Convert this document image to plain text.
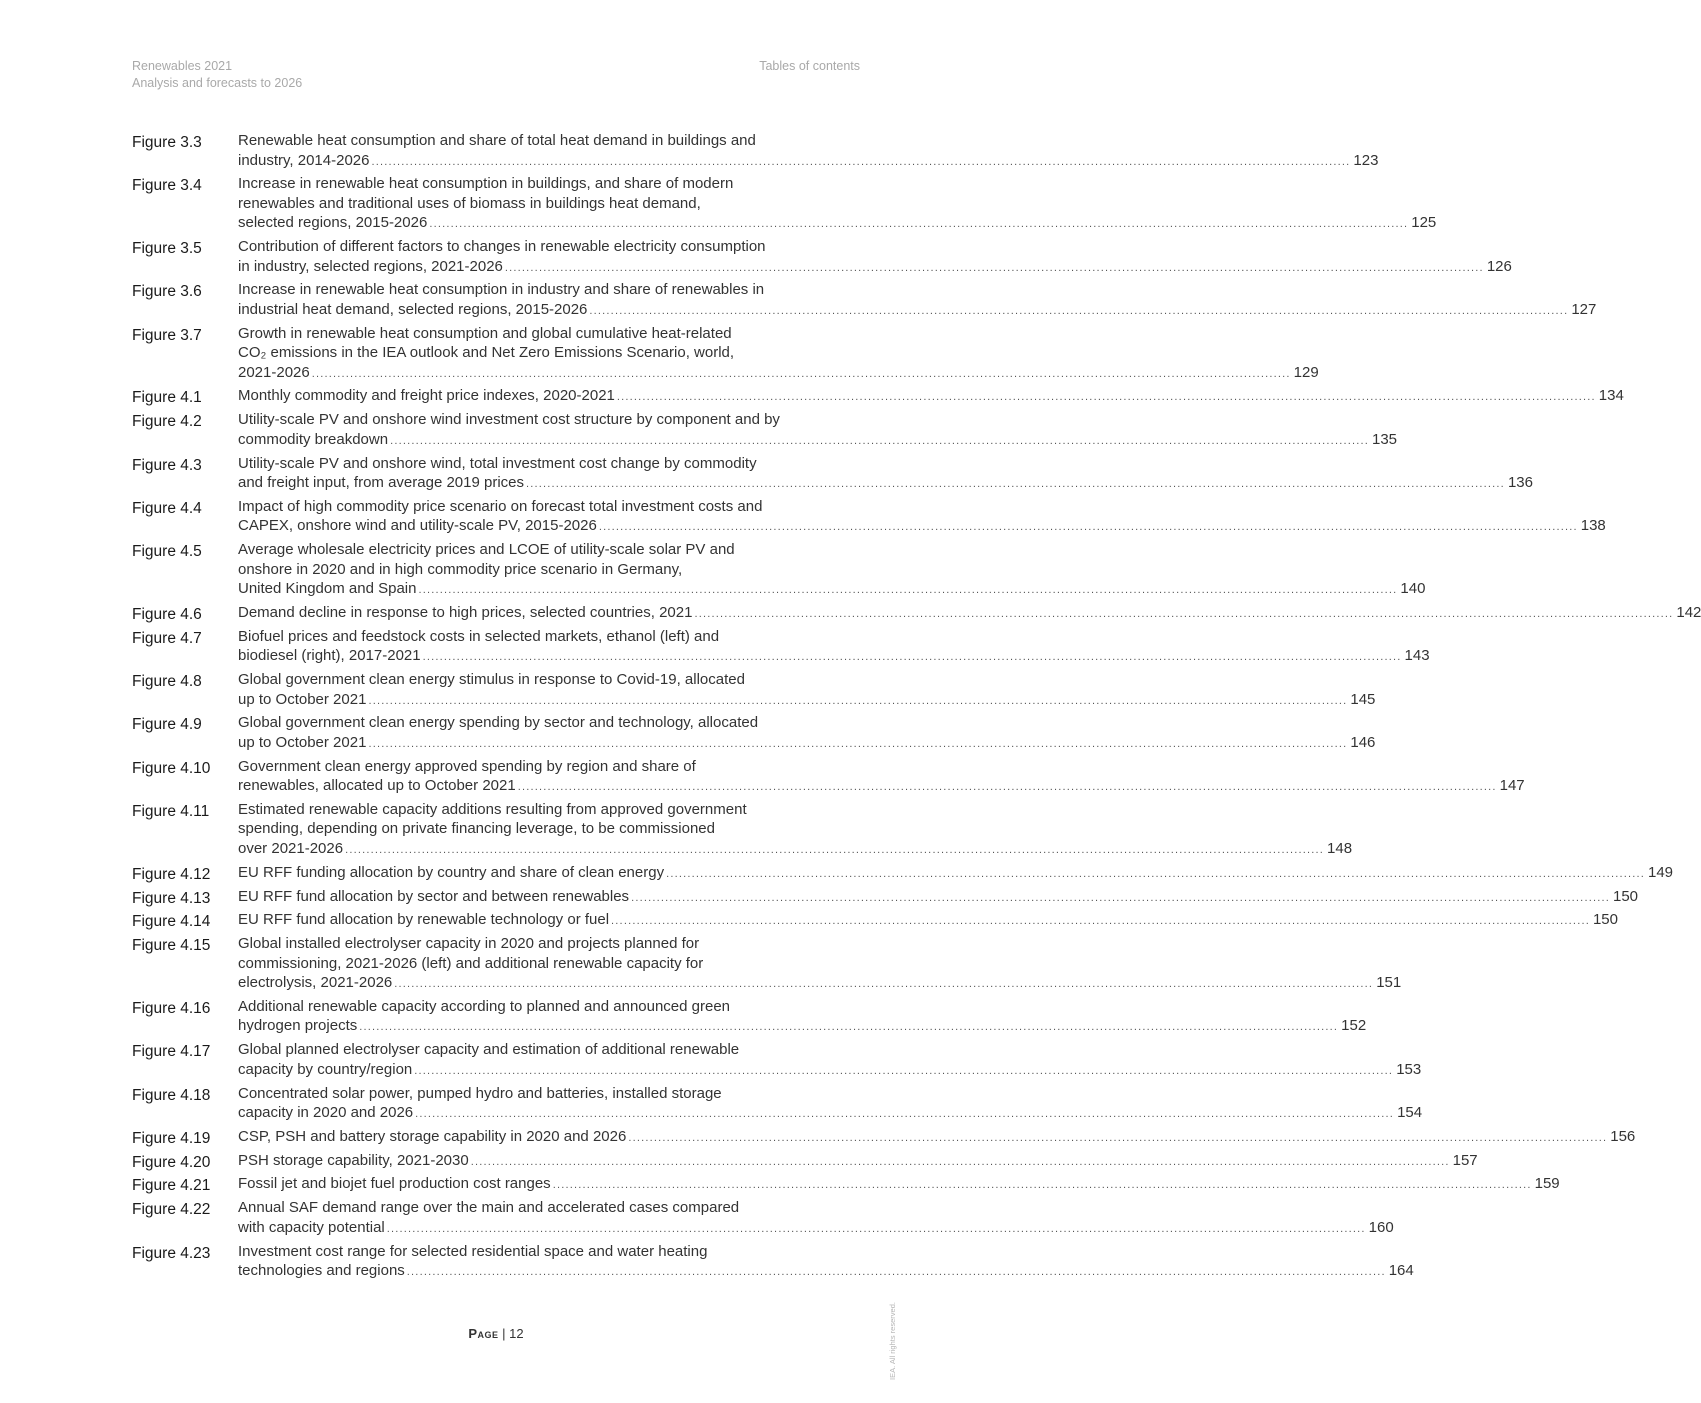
Renewables 2021
Analysis and forecasts to 2026
Tables of contents
Figure 3.3	Renewable heat consumption and share of total heat demand in buildings and
industry, 2014-2026 .....	123
Figure 3.4	Increase in renewable heat consumption in buildings, and share of modern
renewables and traditional uses of biomass in buildings heat demand,
selected regions, 2015-2026 .....	125
Figure 3.5	Contribution of different factors to changes in renewable electricity consumption
in industry, selected regions, 2021-2026 .....	126
Figure 3.6	Increase in renewable heat consumption in industry and share of renewables in
industrial heat demand, selected regions, 2015-2026 .....	127
Figure 3.7	Growth in renewable heat consumption and global cumulative heat-related
CO₂ emissions in the IEA outlook and Net Zero Emissions Scenario, world,
2021-2026 .....	129
Figure 4.1	Monthly commodity and freight price indexes, 2020-2021 .....	134
Figure 4.2	Utility-scale PV and onshore wind investment cost structure by component and by
commodity breakdown .....	135
Figure 4.3	Utility-scale PV and onshore wind, total investment cost change by commodity
and freight input, from average 2019 prices .....	136
Figure 4.4	Impact of high commodity price scenario on forecast total investment costs and
CAPEX, onshore wind and utility-scale PV, 2015-2026 .....	138
Figure 4.5	Average wholesale electricity prices and LCOE of utility-scale solar PV and
onshore in 2020 and in high commodity price scenario in Germany,
United Kingdom and Spain .....	140
Figure 4.6	Demand decline in response to high prices, selected countries, 2021 .....	142
Figure 4.7	Biofuel prices and feedstock costs in selected markets, ethanol (left) and
biodiesel (right), 2017-2021 .....	143
Figure 4.8	Global government clean energy stimulus in response to Covid-19, allocated
up to October 2021 .....	145
Figure 4.9	Global government clean energy spending by sector and technology, allocated
up to October 2021 .....	146
Figure 4.10	Government clean energy approved spending by region and share of
renewables, allocated up to October 2021 .....	147
Figure 4.11	Estimated renewable capacity additions resulting from approved government
spending, depending on private financing leverage, to be commissioned
over 2021-2026 .....	148
Figure 4.12	EU RFF funding allocation by country and share of clean energy .....	149
Figure 4.13	EU RFF fund allocation by sector and between renewables .....	150
Figure 4.14	EU RFF fund allocation by renewable technology or fuel .....	150
Figure 4.15	Global installed electrolyser capacity in 2020 and projects planned for
commissioning, 2021-2026 (left) and additional renewable capacity for
electrolysis, 2021-2026 .....	151
Figure 4.16	Additional renewable capacity according to planned and announced green
hydrogen projects .....	152
Figure 4.17	Global planned electrolyser capacity and estimation of additional renewable
capacity by country/region .....	153
Figure 4.18	Concentrated solar power, pumped hydro and batteries, installed storage
capacity in 2020 and 2026 .....	154
Figure 4.19	CSP, PSH and battery storage capability in 2020 and 2026 .....	156
Figure 4.20	PSH storage capability, 2021-2030 .....	157
Figure 4.21	Fossil jet and biojet fuel production cost ranges .....	159
Figure 4.22	Annual SAF demand range over the main and accelerated cases compared
with capacity potential .....	160
Figure 4.23	Investment cost range for selected residential space and water heating
technologies and regions .....	164
Page | 12	IEA. All rights reserved.
